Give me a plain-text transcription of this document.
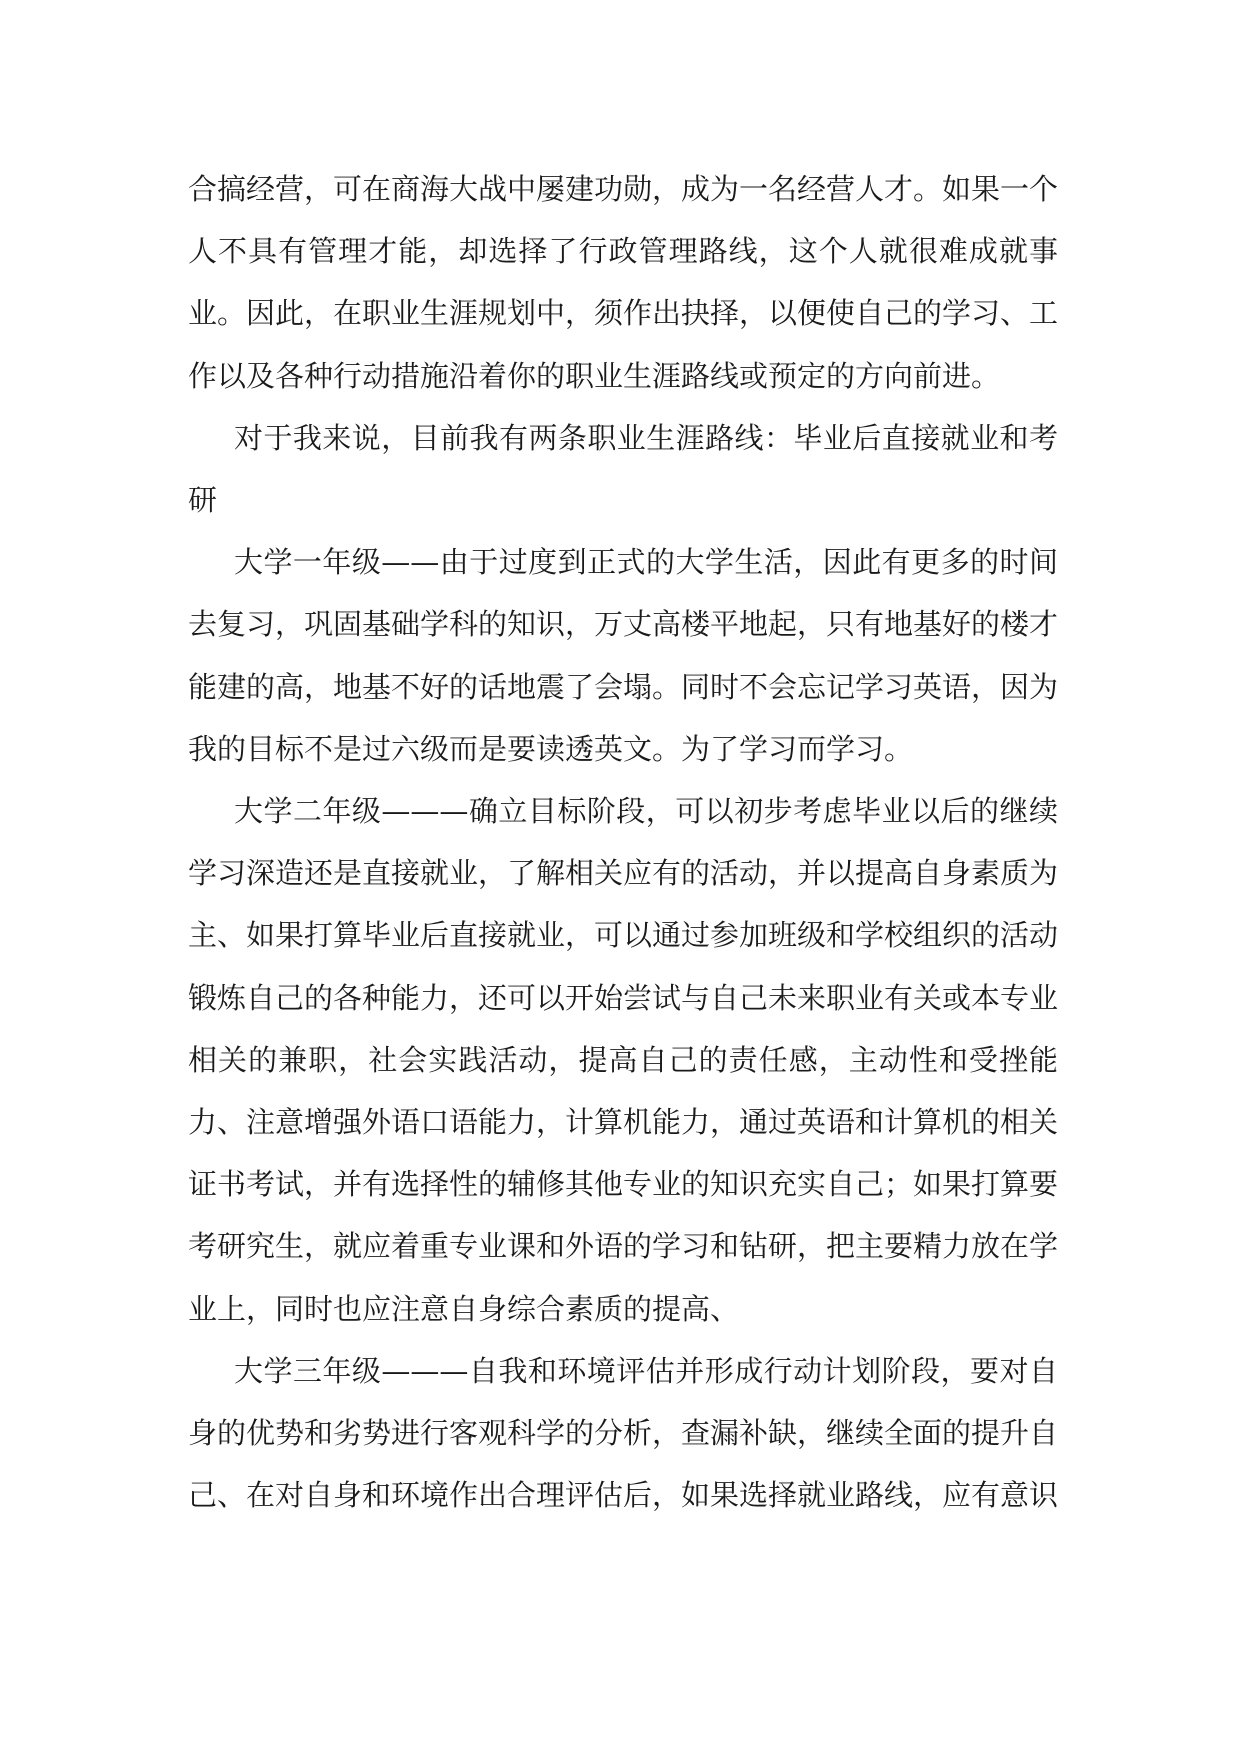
合搞经营，可在商海大战中屡建功勋，成为一名经营人才。如果一个人不具有管理才能，却选择了行政管理路线，这个人就很难成就事业。因此，在职业生涯规划中，须作出抉择，以便使自己的学习、工作以及各种行动措施沿着你的职业生涯路线或预定的方向前进。

对于我来说，目前我有两条职业生涯路线：毕业后直接就业和考研

大学一年级——由于过度到正式的大学生活，因此有更多的时间去复习，巩固基础学科的知识，万丈高楼平地起，只有地基好的楼才能建的高，地基不好的话地震了会塌。同时不会忘记学习英语，因为我的目标不是过六级而是要读透英文。为了学习而学习。

大学二年级———确立目标阶段，可以初步考虑毕业以后的继续学习深造还是直接就业，了解相关应有的活动，并以提高自身素质为主、如果打算毕业后直接就业，可以通过参加班级和学校组织的活动锻炼自己的各种能力，还可以开始尝试与自己未来职业有关或本专业相关的兼职，社会实践活动，提高自己的责任感，主动性和受挫能力、注意增强外语口语能力，计算机能力，通过英语和计算机的相关证书考试，并有选择性的辅修其他专业的知识充实自己；如果打算要考研究生，就应着重专业课和外语的学习和钻研，把主要精力放在学业上，同时也应注意自身综合素质的提高、

大学三年级———自我和环境评估并形成行动计划阶段，要对自身的优势和劣势进行客观科学的分析，查漏补缺，继续全面的提升自己、在对自身和环境作出合理评估后，如果选择就业路线，应有意识
